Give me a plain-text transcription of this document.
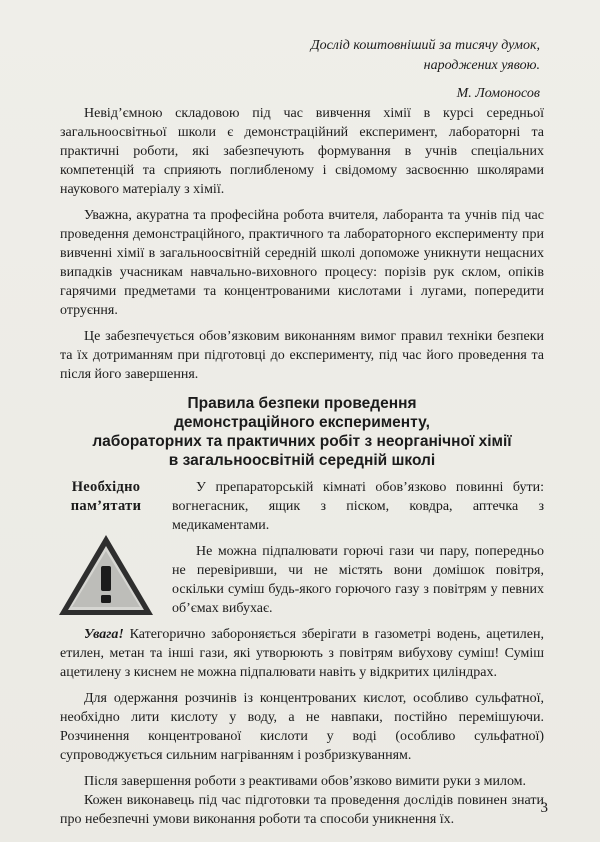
Дослід коштовніший за тисячу думок,
народжених уявою.
М. Ломоносов

Невід’ємною складовою під час вивчення хімії в курсі середньої загальноосвітньої школи є демонстраційний експеримент, лабораторні та практичні роботи, які забезпечують формування в учнів спеціальних компетенцій та сприяють поглибленому і свідомому засвоєнню школярами наукового матеріалу з хімії.

Уважна, акуратна та професійна робота вчителя, лаборанта та учнів під час проведення демонстраційного, практичного та лабораторного експерименту при вивченні хімії в загальноосвітній середній школі допоможе уникнути нещасних випадків учасникам навчально-виховного процесу: порізів рук склом, опіків гарячими предметами та концентрованими кислотами і лугами, попередити отруєння.

Це забезпечується обов’язковим виконанням вимог правил техніки безпеки та їх дотриманням при підготовці до експерименту, під час його проведення та після його завершення.

Правила безпеки проведення
демонстраційного експерименту,
лабораторних та практичних робіт з неорганічної хімії
в загальноосвітній середній школі
Необхідно
пам’ятати

У препараторській кімнаті обов’язково повинні бути: вогнегасник, ящик з піском, ковдра, аптечка з медикаментами.

Не можна підпалювати горючі гази чи пару, попередньо не перевіривши, чи не містять вони домішок повітря, оскільки суміш будь-якого горючого газу з повітрям у певних об’ємах вибухає.

Увага! Категорично забороняється зберігати в газометрі водень, ацетилен, етилен, метан та інші гази, які утворюють з повітрям вибухову суміш! Суміш ацетилену з киснем не можна підпалювати навіть у відкритих циліндрах.

Для одержання розчинів із концентрованих кислот, особливо сульфатної, необхідно лити кислоту у воду, а не навпаки, постійно перемішуючи. Розчинення концентрованої кислоти у воді (особливо сульфатної) супроводжується сильним нагріванням і розбризкуванням.

Після завершення роботи з реактивами обов’язково вимити руки з милом.

Кожен виконавець під час підготовки та проведення дослідів повинен знати про небезпечні умови виконання роботи та способи уникнення їх.

3
